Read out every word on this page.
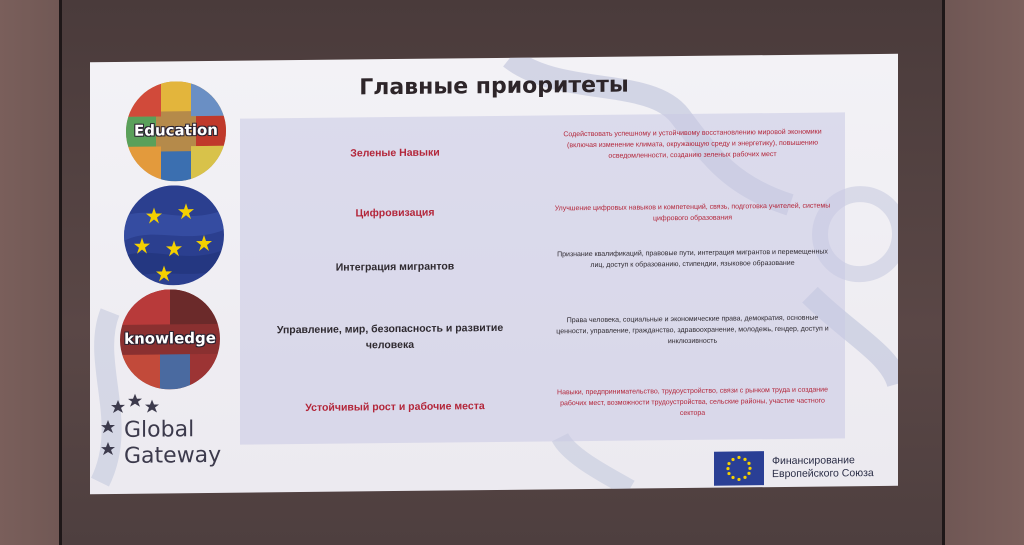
Главные приоритеты
Education
knowledge
Зеленые Навыки
Содействовать успешному и устойчивому восстановлению мировой экономики (включая изменение климата, окружающую среду и энергетику), повышению осведомленности, созданию зеленых рабочих мест
Цифровизация	Улучшение цифровых навыков и компетенций, связь, подготовка учителей, системы цифрового образования
Интеграция мигрантов
Признание квалификаций, правовые пути, интеграция мигрантов и перемещенных лиц, доступ к образованию, стипендии, языковое образование
Управление, мир, безопасность и развитие человека
Права человека, социальные и экономические права, демократия, основные ценности, управление, гражданство, здравоохранение, молодежь, гендер, доступ и инклюзивность
Устойчивый рост и рабочие места
Навыки, предпринимательство, трудоустройство, связи с рынком труда и создание рабочих мест, возможности трудоустройства, сельские районы, участие частного сектора
Global
Gateway	Финансирование
Европейского Союза
